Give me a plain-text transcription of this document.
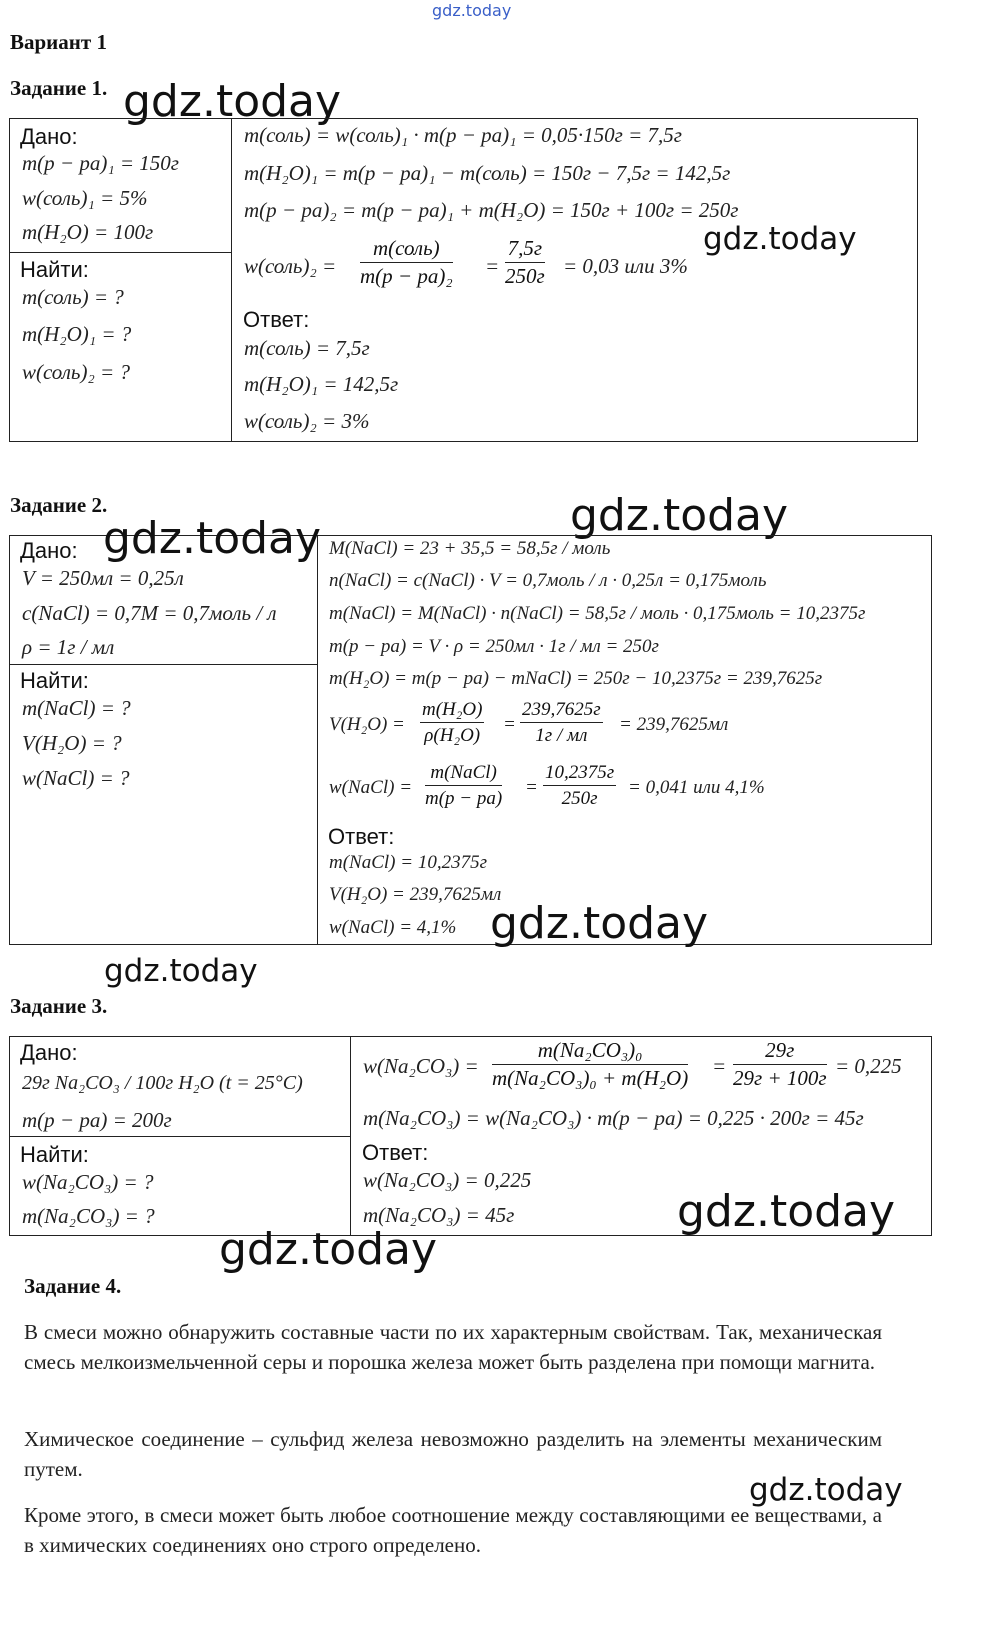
gdz.today
Вариант 1
Задание 1. gdz.today
Дано:
m(p − pa)₁ = 150г
w(соль)₁ = 5%
m(H₂O) = 100г
Найти:
m(соль) = ?
m(H₂O)₁ = ?
w(соль)₂ = ?
m(соль) = w(соль)₁ · m(p − pa)₁ = 0,05·150г = 7,5г
m(H₂O)₁ = m(p − pa)₁ − m(соль) = 150г − 7,5г = 142,5г
m(p − pa)₂ = m(p − pa)₁ + m(H₂O) = 150г + 100г = 250г
w(соль)₂ =
m(соль)
m(p − pa)₂ =
7,5г
250г = 0,03 или 3%
gdz.today
Ответ:
m(соль) = 7,5г
m(H₂O)₁ = 142,5г
w(соль)₂ = 3%
Задание 2.	gdz.today
Дано: gdz.today
V = 250мл = 0,25л
c(NaCl) = 0,7M = 0,7моль / л
ρ = 1г / мл
Найти:
m(NaCl) = ?
V(H₂O) = ?
w(NaCl) = ?
M(NaCl) = 23 + 35,5 = 58,5г / моль
n(NaCl) = c(NaCl) · V = 0,7моль / л · 0,25л = 0,175моль
m(NaCl) = M(NaCl) · n(NaCl) = 58,5г / моль · 0,175моль = 10,2375г
m(p − pa) = V · ρ = 250мл · 1г / мл = 250г
m(H₂O) = m(p − pa) − mNaCl) = 250г − 10,2375г = 239,7625г
$V(H_2O) = \frac{\text{m(H₂O)}}{\text{ρ(H₂O)}}$ =
239,7625г
1г / мл
= 239,7625мл
w(NaCl) =
m(NaCl)
m(p − pa)
=
10,2375г
250г
= 0,041 или 4,1%
Ответ:
m(NaCl) = 10,2375г
V(H₂O) = 239,7625мл
w(NaCl) = 4,1% gdz.today
gdz.today
Задание 3.
Дано:
29г Na₂CO₃ / 100г H₂O (t = 25°C)
m(p − pa) = 200г
Найти:
w(Na₂CO₃) = ?
m(Na₂CO₃) = ?
$w(Na_2CO_3) = \frac{\text{m(Na₂CO₃)₀}}{\text{m(Na₂CO₃)₀ + m(H₂O)}}$ =
29г
29г + 100г = 0,225
m(Na₂CO₃) = w(Na₂CO₃) · m(p − pa) = 0,225 · 200г = 45г
Ответ:
w(Na₂CO₃) = 0,225
m(Na₂CO₃) = 45г	gdz.today
gdz.today
Задание 4.
В смеси можно обнаружить составные части по их характерным свойствам. Так, механическая смесь мелкоизмельченной серы и порошка железа может быть разделена при помощи магнита.
Химическое соединение – сульфид железа невозможно разделить на элементы механическим путем.
gdz.today
Кроме этого, в смеси может быть любое соотношение между составляющими ее веществами, а в химических соединениях оно строго определено.
